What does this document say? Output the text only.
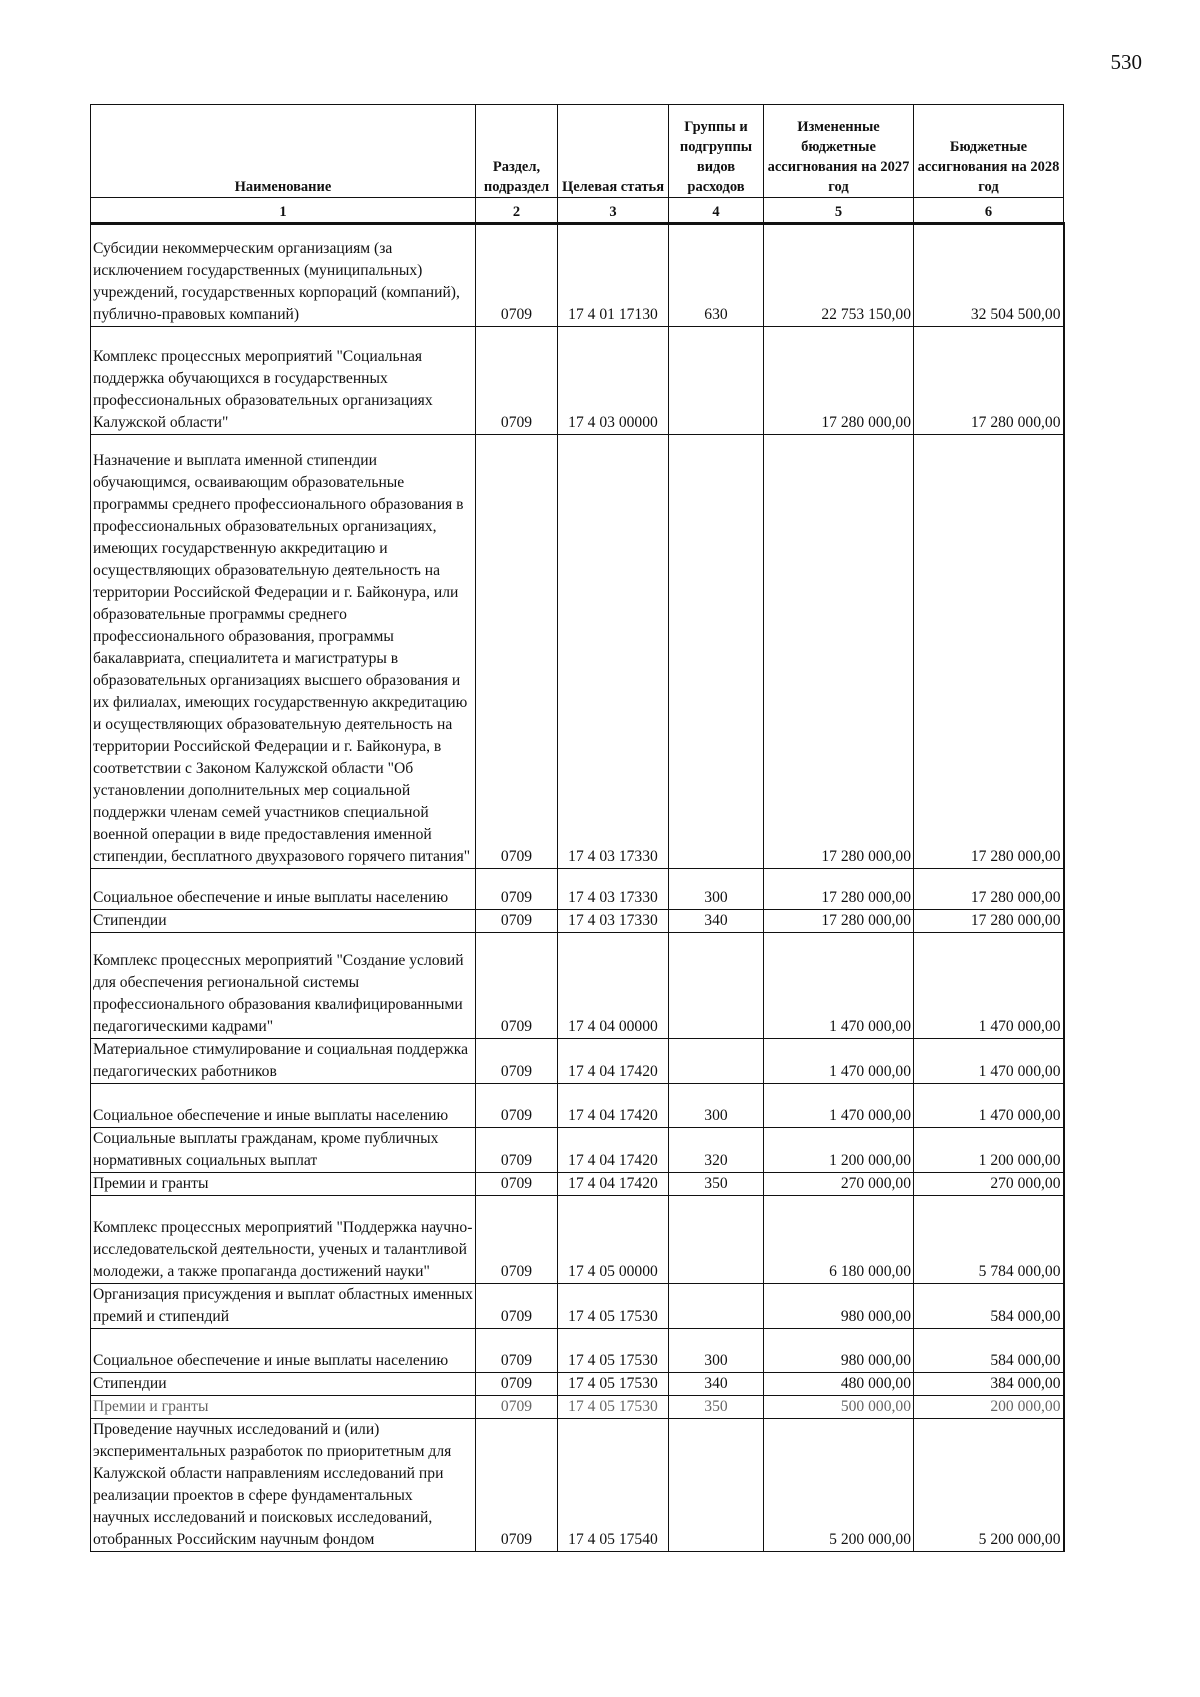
530
Наименование	Раздел, подраздел	Целевая статья	Группы и подгруппы видов расходов	Измененные бюджетные ассигнования на 2027 год	Бюджетные ассигнования на 2028 год
1	2	3	4	5	6
Субсидии некоммерческим организациям (за исключением государственных (муниципальных) учреждений, государственных корпораций (компаний), публично-правовых компаний)	0709	17 4 01 17130	630	22 753 150,00	32 504 500,00
Комплекс процессных мероприятий "Социальная поддержка обучающихся в государственных профессиональных образовательных организациях Калужской области"	0709	17 4 03 00000		17 280 000,00	17 280 000,00
Назначение и выплата именной стипендии обучающимся, осваивающим образовательные программы среднего профессионального образования в профессиональных образовательных организациях, имеющих государственную аккредитацию и осуществляющих образовательную деятельность на территории Российской Федерации и г. Байконура, или образовательные программы среднего профессионального образования, программы бакалавриата, специалитета и магистратуры в образовательных организациях высшего образования и их филиалах, имеющих государственную аккредитацию и осуществляющих образовательную деятельность на территории Российской Федерации и г. Байконура, в соответствии с Законом Калужской области "Об установлении дополнительных мер социальной поддержки членам семей участников специальной военной операции в виде предоставления именной стипендии, бесплатного двухразового горячего питания"	0709	17 4 03 17330		17 280 000,00	17 280 000,00
Социальное обеспечение и иные выплаты населению	0709	17 4 03 17330	300	17 280 000,00	17 280 000,00
Стипендии	0709	17 4 03 17330	340	17 280 000,00	17 280 000,00
Комплекс процессных мероприятий "Создание условий для обеспечения региональной системы профессионального образования квалифицированными педагогическими кадрами"	0709	17 4 04 00000		1 470 000,00	1 470 000,00
Материальное стимулирование и социальная поддержка педагогических работников	0709	17 4 04 17420		1 470 000,00	1 470 000,00
Социальное обеспечение и иные выплаты населению	0709	17 4 04 17420	300	1 470 000,00	1 470 000,00
Социальные выплаты гражданам, кроме публичных нормативных социальных выплат	0709	17 4 04 17420	320	1 200 000,00	1 200 000,00
Премии и гранты	0709	17 4 04 17420	350	270 000,00	270 000,00
Комплекс процессных мероприятий "Поддержка научно-исследовательской деятельности, ученых и талантливой молодежи, а также пропаганда достижений науки"	0709	17 4 05 00000		6 180 000,00	5 784 000,00
Организация присуждения и выплат областных именных премий и стипендий	0709	17 4 05 17530		980 000,00	584 000,00
Социальное обеспечение и иные выплаты населению	0709	17 4 05 17530	300	980 000,00	584 000,00
Стипендии	0709	17 4 05 17530	340	480 000,00	384 000,00
Премии и гранты	0709	17 4 05 17530	350	500 000,00	200 000,00
Проведение научных исследований и (или) экспериментальных разработок по приоритетным для Калужской области направлениям исследований при реализации проектов в сфере фундаментальных научных исследований и поисковых исследований, отобранных Российским научным фондом	0709	17 4 05 17540		5 200 000,00	5 200 000,00
